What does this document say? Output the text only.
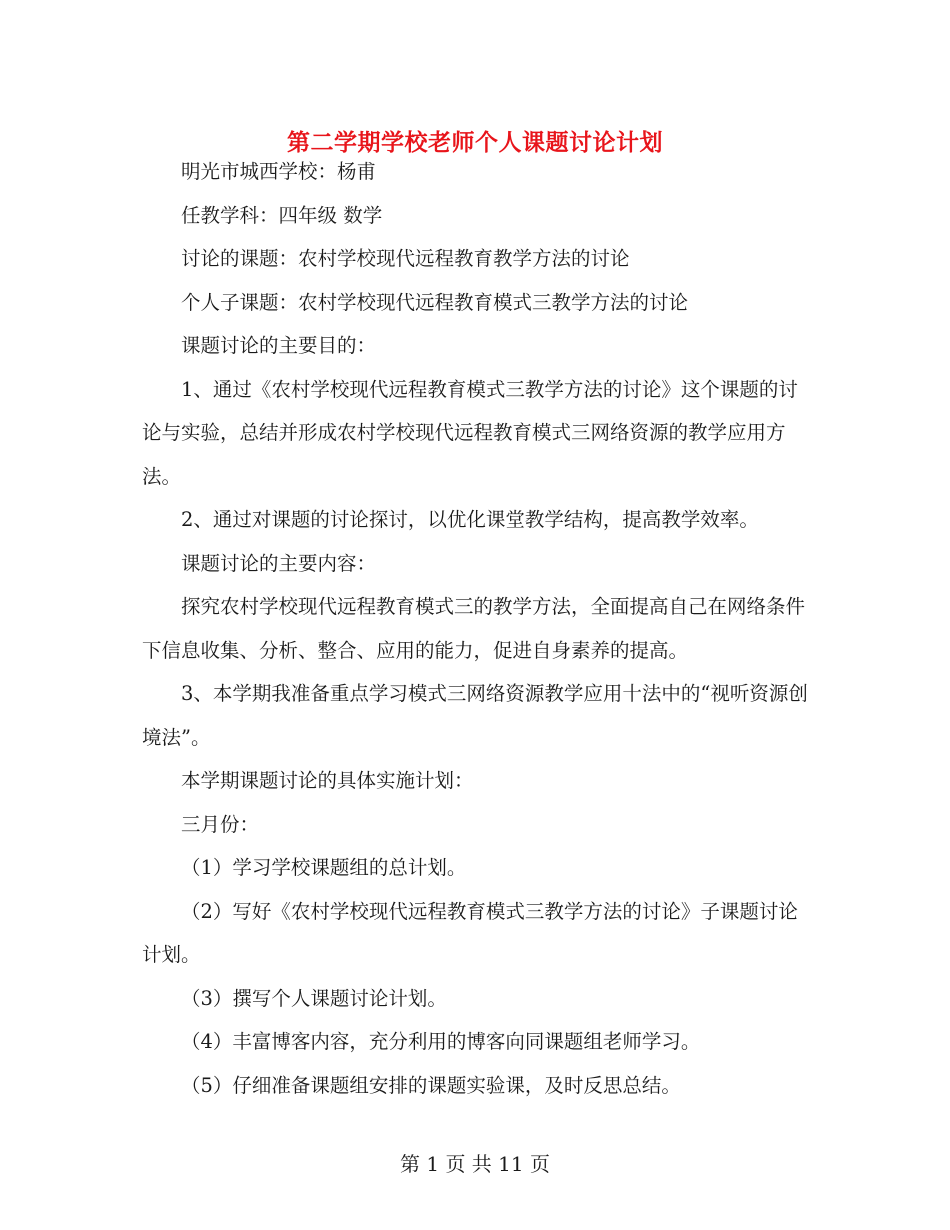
第二学期学校老师个人课题讨论计划

明光市城西学校：杨甫

任教学科：四年级 数学

讨论的课题：农村学校现代远程教育教学方法的讨论

个人子课题：农村学校现代远程教育模式三教学方法的讨论

课题讨论的主要目的：

1、通过《农村学校现代远程教育模式三教学方法的讨论》这个课题的讨论与实验，总结并形成农村学校现代远程教育模式三网络资源的教学应用方法。

2、通过对课题的讨论探讨，以优化课堂教学结构，提高教学效率。

课题讨论的主要内容：

探究农村学校现代远程教育模式三的教学方法，全面提高自己在网络条件下信息收集、分析、整合、应用的能力，促进自身素养的提高。

3、本学期我准备重点学习模式三网络资源教学应用十法中的“视听资源创境法”。

本学期课题讨论的具体实施计划：

三月份：

（1）学习学校课题组的总计划。

（2）写好《农村学校现代远程教育模式三教学方法的讨论》子课题讨论计划。

（3）撰写个人课题讨论计划。

（4）丰富博客内容，充分利用的博客向同课题组老师学习。

（5）仔细准备课题组安排的课题实验课，及时反思总结。

第 1 页 共 11 页
